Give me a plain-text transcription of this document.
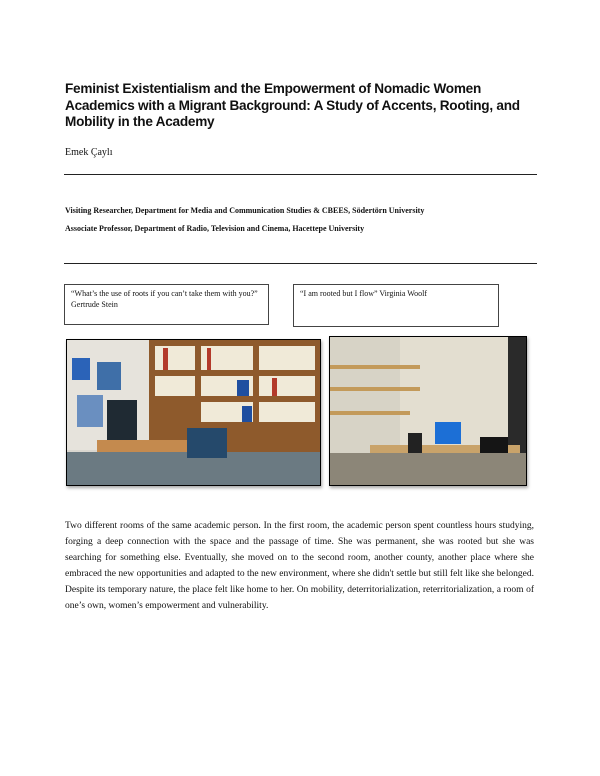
Feminist Existentialism and the Empowerment of Nomadic Women Academics with a Migrant Background: A Study of Accents, Rooting, and Mobility in the Academy

Emek Çaylı

Visiting Researcher, Department for Media and Communication Studies & CBEES, Södertörn University

Associate Professor, Department of Radio, Television and Cinema, Hacettepe University

“What’s the use of roots if you can’t take them with you?” Gertrude Stein
“I am rooted but I flow” Virginia Woolf

Two different rooms of the same academic person. In the first room, the academic person spent countless hours studying, forging a deep connection with the space and the passage of time. She was permanent, she was rooted but she was searching for something else. Eventually, she moved on to the second room, another county, another place where she embraced the new opportunities and adapted to the new environment, where she didn't settle but still felt like she belonged. Despite its temporary nature, the place felt like home to her. On mobility, deterritorialization, reterritorialization, a room of one’s own, women’s empowerment and vulnerability.
